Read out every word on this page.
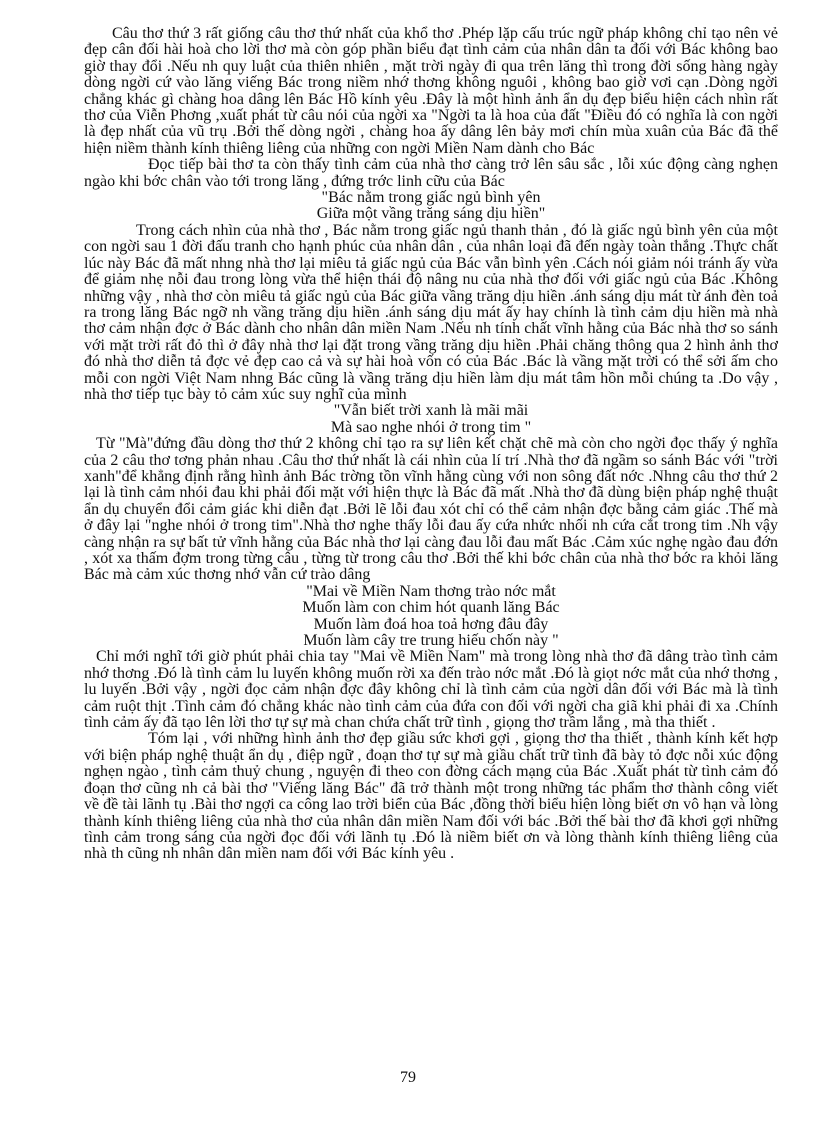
Câu thơ thứ 3 rất giống câu thơ thứ nhất của khổ thơ .Phép lặp cấu trúc ngữ pháp không chỉ tạo nên vẻ đẹp cân đối hài hoà cho lời thơ mà còn góp phần biểu đạt tình cảm của nhân dân ta đối với Bác không bao giờ thay đổi .Nếu nh quy luật của thiên nhiên , mặt trời ngày đi qua trên lăng thì trong đời sống hàng ngày dòng ngời cứ vào lăng viếng Bác trong niềm nhớ thơng không nguôi , không bao giờ vơi cạn .Dòng ngời chẳng khác gì chàng hoa dâng lên Bác Hồ kính yêu .Đây là một hình ảnh ẩn dụ đẹp biểu hiện cách nhìn rất thơ của Viễn Phơng ,xuất phát từ câu nói của ngời xa "Ngời ta là hoa của đất "Điều đó có nghĩa là con ngời là đẹp nhất của vũ trụ .Bởi thế dòng ngời , chàng hoa ấy dâng lên bảy mơi chín mùa xuân của Bác đã thể hiện niềm thành kính thiêng liêng của những con ngời Miền Nam dành cho Bác

Đọc tiếp bài thơ ta còn thấy tình cảm của nhà thơ càng trở lên sâu sắc , lỗi xúc động càng nghẹn ngào khi bớc chân vào tới trong lăng , đứng trớc linh cữu của Bác

"Bác nằm trong giấc ngủ bình yên

Giữa một vầng trăng sáng dịu hiền"

Trong cách nhìn của nhà thơ , Bác nằm trong giấc ngủ thanh thản , đó là giấc ngủ bình yên của một con ngời sau 1 đời đấu tranh cho hạnh phúc của nhân dân , của nhân loại đã đến ngày toàn thắng .Thực chất lúc này Bác đã mất nhng nhà thơ lại miêu tả giấc ngủ của Bác vẫn bình yên .Cách nói giảm nói tránh ấy vừa để giảm nhẹ nỗi đau trong lòng vừa thể hiện thái độ nâng nu của nhà thơ đối với giấc ngủ của Bác .Không những vậy , nhà thơ còn miêu tả giấc ngủ của Bác giữa vầng trăng dịu hiền .ánh sáng dịu mát từ ánh đèn toả ra trong lăng Bác ngỡ nh vầng trăng dịu hiền .ánh sáng dịu mát ấy hay chính là tình cảm dịu hiền mà nhà thơ cảm nhận đợc ở Bác dành cho nhân dân miền Nam .Nếu nh tính chất vĩnh hằng của Bác nhà thơ so sánh với mặt trời rất đỏ thì ở đây nhà thơ lại đặt trong vầng trăng dịu hiền .Phải chăng thông qua 2 hình ảnh thơ đó nhà thơ diễn tả đợc vẻ đẹp cao cả và sự hài hoà vốn có của Bác .Bác là vầng mặt trời có thể sởi ấm cho mỗi con ngời Việt Nam nhng Bác cũng là vầng trăng dịu hiền làm dịu mát tâm hồn mỗi chúng ta .Do vậy , nhà thơ tiếp tục bày tỏ cảm xúc suy nghĩ của mình

"Vẫn biết trời xanh là mãi mãi

Mà sao nghe nhói ở trong tim "

Từ "Mà"đứng đầu dòng thơ thứ 2 không chỉ tạo ra sự liên kết chặt chẽ mà còn cho ngời đọc thấy ý nghĩa của 2 câu thơ tơng phản nhau .Câu thơ thứ nhất là cái nhìn của lí trí .Nhà thơ đã ngầm so sánh Bác với "trời xanh"để khẳng định rằng hình ảnh Bác trờng tồn vĩnh hằng cùng với non sông đất nớc .Nhng câu thơ thứ 2 lại là tình cảm nhói đau khi phải đối mặt với hiện thực là Bác đã mất .Nhà thơ đã dùng biện pháp nghệ thuật ẩn dụ chuyển đổi cảm giác khi diễn đạt .Bởi lẽ lỗi đau xót chỉ có thể cảm nhận đợc bằng cảm giác .Thế mà ở đây lại "nghe nhói ở trong tim".Nhà thơ nghe thấy lỗi đau ấy cứa nhức nhối nh cứa cắt trong tim .Nh vậy càng nhận ra sự bất tử vĩnh hằng của Bác nhà thơ lại càng đau lỗi đau mất Bác .Cảm xúc nghẹ ngào đau đớn , xót xa thấm đợm trong từng câu , từng từ trong câu thơ .Bởi thế khi bớc chân của nhà thơ bớc ra khỏi lăng Bác mà cảm xúc thơng nhớ vẫn cứ trào dâng

"Mai về Miền Nam thơng trào nớc mắt

Muốn làm con chim hót quanh lăng Bác

Muốn làm đoá hoa toả hơng đâu đây

Muốn làm cây tre trung hiếu chốn này "

Chỉ mới nghĩ tới giờ phút phải chia tay "Mai về Miền Nam" mà trong lòng nhà thơ đã dâng trào tình cảm nhớ thơng .Đó là tình cảm lu luyến không muốn rời xa đến trào nớc mắt .Đó là giọt nớc mắt của nhớ thơng , lu luyến .Bởi vậy , ngời đọc cảm nhận đợc đây không chỉ là tình cảm của ngời dân đối với Bác mà là tình cảm ruột thịt .Tình cảm đó chẳng khác nào tình cảm của đứa con đối với ngời cha giã khi phải đi xa .Chính tình cảm ấy đã tạo lên lời thơ tự sự mà chan chứa chất trữ tình , giọng thơ trầm lắng , mà tha thiết .

Tóm lại , với những hình ảnh thơ đẹp giầu sức khơi gợi , giọng thơ tha thiết , thành kính kết hợp với biện pháp nghệ thuật ẩn dụ , điệp ngữ , đoạn thơ tự sự mà giầu chất trữ tình đã bày tỏ đợc nỗi xúc động nghẹn ngào , tình cảm thuỷ chung , nguyện đi theo con đờng cách mạng của Bác .Xuất phát từ tình cảm đó đoạn thơ cũng nh cả bài thơ "Viếng lăng Bác" đã trở thành một trong những tác phẩm thơ thành công viết về đề tài lãnh tụ .Bài thơ ngợi ca công lao trời biển của Bác ,đồng thời biểu hiện lòng biết ơn vô hạn và lòng thành kính thiêng liêng của nhà thơ của nhân dân miền Nam đối với bác .Bởi thế bài thơ đã khơi gợi những tình cảm trong sáng của ngời đọc đối với lãnh tụ .Đó là niềm biết ơn và lòng thành kính thiêng liêng của nhà th cũng nh nhân dân miền nam đối với Bác kính yêu .

79
